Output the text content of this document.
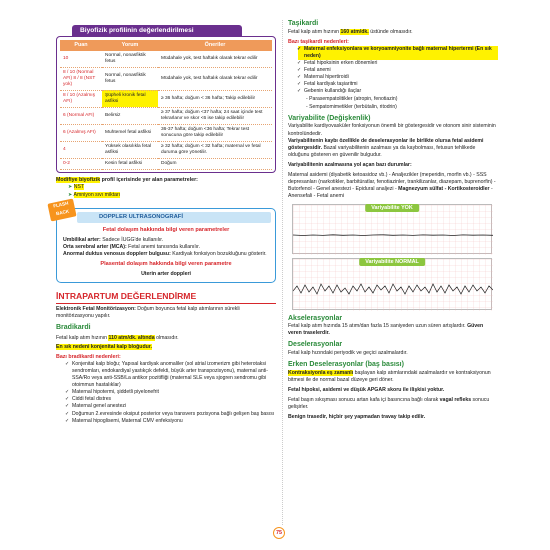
Biyofizik profilinin değerlendirilmesi
Puan	Yorum	Öneriler
10	Normal, nonasfiktik fetus	Müdahale yok, test haftalık olarak tekrar edilir
8 / 10 (Normal AFI) 8 / 8 (NST yok)	Normal, nonasfiktik fetus	Müdahale yok, test haftalık olarak tekrar edilir
8 / 10 (Azalmış AFI)	Şüpheli kronik fetal asfiksi	≥ 36 hafta; doğum < 36 hafta; Takip edilebilir
6 (Normal AFI)	Belirsiz	≥ 37 hafta; doğum <37 hafta; 24 saat içinde test tekrarlanır ve skor <6 ise takip edilebilir
6 (Azalmış AFI)	Muhtemel fetal asfiksi	36-37 hafta; doğum <36 hafta; Tekrar test sonucuna göre takip edilebilir
4	Yüksek olasılıkla fetal asfiksi	≥ 32 hafta; doğum < 32 hafta; maternal ve fetal duruma göre yönetilir.
0-2	Kesin fetal asfiksi	Doğum
Modifiye biyofizik profil içerisinde yer alan parametreler:
➤ NST
➤ Amniyon sıvı miktarı
FLASH BACK
DOPPLER ULTRASONOGRAFİ
Fetal dolaşım hakkında bilgi veren parametreler

Umbilikal arter: Sadece İUGG'de kullanılır.

Orta serebral arter (MCA): Fetal anemi tanısında kullanılır.

Anormal duktus venosus dopplerr bulgusu: Kardiyak fonksiyon bozukluğunu gösterir.

Plasental dolaşım hakkında bilgi veren parametre

Uterin arter doppleri

İNTRAPARTUM DEĞERLENDİRME

Elektronik Fetal Monitörizasyon: Doğum boyunca fetal kalp atımlarının sürekli monitörizasyonu yapılır.

Bradikardi

Fetal kalp atım hızının 110 atm/dk. altında olmasıdır.

En sık nedeni konjenital kalp bloğudur.

Bazı bradikardi nedenleri:
✓ Konjenital kalp bloğu; Yapısal kardiyak anomaliler (sol atrial izomerizm gibi heterotaksi sendromları, endokardiyal yastıkçık defekti, büyük arter transpozisyonu), maternal anti-SSA/Ro veya anti-SSB/La antikor pozitifliği (maternal SLE veya sjogren sendromu gibi otoimmun hastalıklar)
✓ Maternal hipotermi, şiddetli piyelonefrit
✓ Ciddi fetal distres
✓ Maternal genel anestezi
✓ Doğumun 2.evresinde oksiput posterior veya transvers pozisyona bağlı gelişen baş basısı
✓ Maternal hipoglisemi, Maternal CMV enfeksiyonu
Taşikardi

Fetal kalp atım hızının 160 atm/dk. üstünde olmasıdır.

Bazı taşikardi nedenleri:
✓ Maternal enfeksiyonlara ve koryoamniyonite bağlı maternal hipertermi (En sık neden)
✓ Fetal hipoksinin erken dönemleri
✓ Fetal anemi
✓ Maternal hipertiroidi
✓ Fetal kardiyak taşiaritmi
✓ Gebenin kullandığı ilaçlar
- Parasempatolitikler (atropin, fenotiazin)
- Sempatomimetikler (terbütalin, ritodrin)
Variyabilite (Değişkenlik)

Variyabilite kardiyovasküler fonksiyonun önemli bir göstergesidir ve otonom sinir sisteminin kontrolündedir.

Variyabilitenin kaybı özellikle de deselerasyonlar ile birlikte olursa fetal asidemi göstergesidir. Bazal variyabilitenin azalması ya da kaybolması, fetusun tehlikede olduğunu gösteren en güvenilir bulgudur.

Variyabilitenin azalmasına yol açan bazı durumlar:

Maternal asidemi (diyabetik ketoasidoz vb.) - Analjezikler (meperidin, morfin vb.) - SSS depresanları (narkotikler, barbitüratlar, fenotiazinler, trankilizanlar, diazepam, buprenorfin) - Butorfenol - Genel anestezi - Epidural analjezi - Magnezyum sülfat - Kortikosteroidler - Anensefali - Fetal anemi

Variyabilite YOK
Variyabilite NORMAL
Akselerasyonlar

Fetal kalp atım hızında 15 atım/dan fazla 15 saniyeden uzun süren artışlardır. Güven veren traselerdir.

Deselerasyonlar

Fetal kalp hızındaki periyodik ve geçici azalmalardır.

Erken Deselerasyonlar (baş basısı)

Kontraksiyonla eş zamanlı başlayan kalp atımlarındaki azalmalardır ve kontraksiyonun bitmesi ile de normal bazal düzeye geri döner.

Fetal hipoksi, asidemi ve düşük APGAR skoru ile ilişkisi yoktur.

Fetal başın sıkışması sonucu artan kafa içi basıncına bağlı olarak vagal refleks sonucu gelişirler.

Benign trasedir, hiçbir şey yapmadan travay takip edilir.

75
